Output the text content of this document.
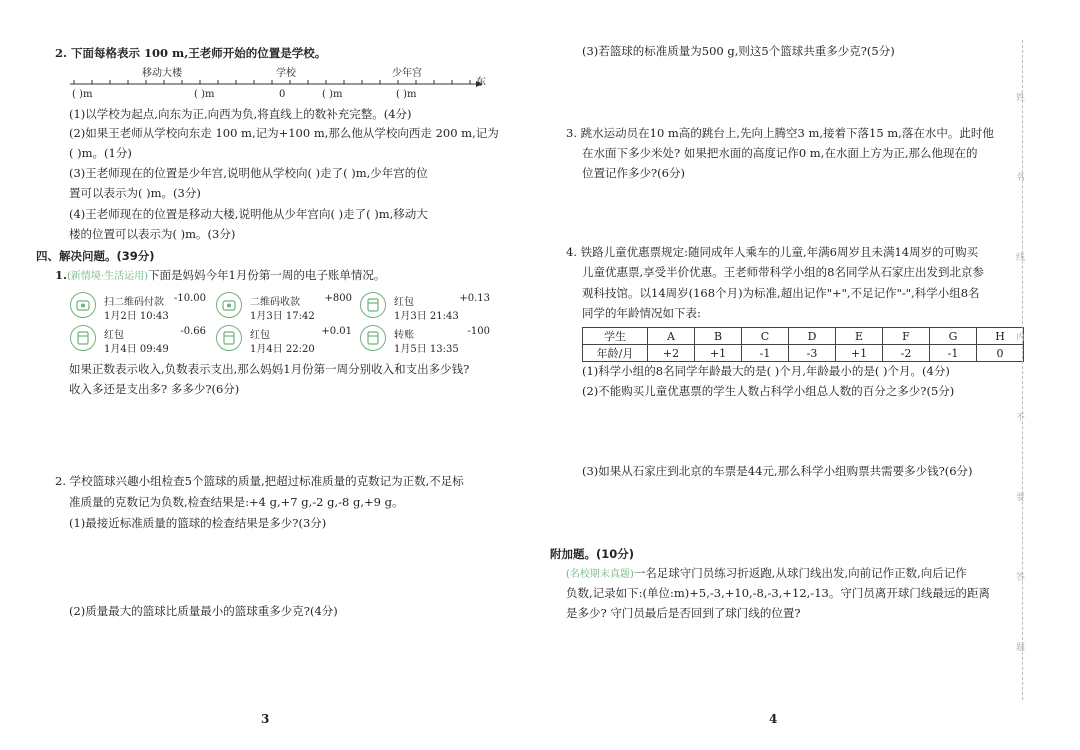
2. 下面每格表示 100 m,王老师开始的位置是学校。
移动大楼	学校	少年宫
( )m	( )m	0	( )m	( )m
东
(1)以学校为起点,向东为正,向西为负,将直线上的数补充完整。(4分)
(2)如果王老师从学校向东走 100 m,记为+100 m,那么他从学校向西走 200 m,记为
( )m。(1分)
(3)王老师现在的位置是少年宫,说明他从学校向( )走了( )m,少年宫的位
置可以表示为( )m。(3分)
(4)王老师现在的位置是移动大楼,说明他从少年宫向( )走了( )m,移动大
楼的位置可以表示为( )m。(3分)
四、解决问题。(39分)
1.(新情境·生活运用)下面是妈妈今年1月份第一周的电子账单情况。
扫二维码付款 -10.00
1月2日 10:43
二维码收款 +800
1月3日 17:42
红包	+0.13
1月3日 21:43
红包	-0.66
1月4日 09:49
红包	+0.01
1月4日 22:20
转账	-100
1月5日 13:35
如果正数表示收入,负数表示支出,那么妈妈1月份第一周分别收入和支出多少钱?
收入多还是支出多? 多多少?(6分)
2. 学校篮球兴趣小组检查5个篮球的质量,把超过标准质量的克数记为正数,不足标
准质量的克数记为负数,检查结果是:+4 g,+7 g,-2 g,-8 g,+9 g。
(1)最接近标准质量的篮球的检查结果是多少?(3分)
(2)质量最大的篮球比质量最小的篮球重多少克?(4分)
3
(3)若篮球的标准质量为500 g,则这5个篮球共重多少克?(5分)
3. 跳水运动员在10 m高的跳台上,先向上腾空3 m,接着下落15 m,落在水中。此时他
在水面下多少米处? 如果把水面的高度记作0 m,在水面上方为正,那么他现在的
位置记作多少?(6分)
4. 铁路儿童优惠票规定:随同成年人乘车的儿童,年满6周岁且未满14周岁的可购买
儿童优惠票,享受半价优惠。王老师带科学小组的8名同学从石家庄出发到北京参
观科技馆。以14周岁(168个月)为标准,超出记作"+",不足记作"-",科学小组8名
同学的年龄情况如下表:
学生	A	B	C	D	E	F	G	H
年龄/月	+2	+1	-1	-3	+1	-2	-1	0
(1)科学小组的8名同学年龄最大的是( )个月,年龄最小的是( )个月。(4分)
(2)不能购买儿童优惠票的学生人数占科学小组总人数的百分之多少?(5分)
(3)如果从石家庄到北京的车票是44元,那么科学小组购票共需要多少钱?(6分)
附加题。(10分)
(名校期末真题)一名足球守门员练习折返跑,从球门线出发,向前记作正数,向后记作
负数,记录如下:(单位:m)+5,-3,+10,-8,-3,+12,-13。守门员离开球门线最远的距离
是多少? 守门员最后是否回到了球门线的位置?
4
姓
名
线
内
不
要
答
题
